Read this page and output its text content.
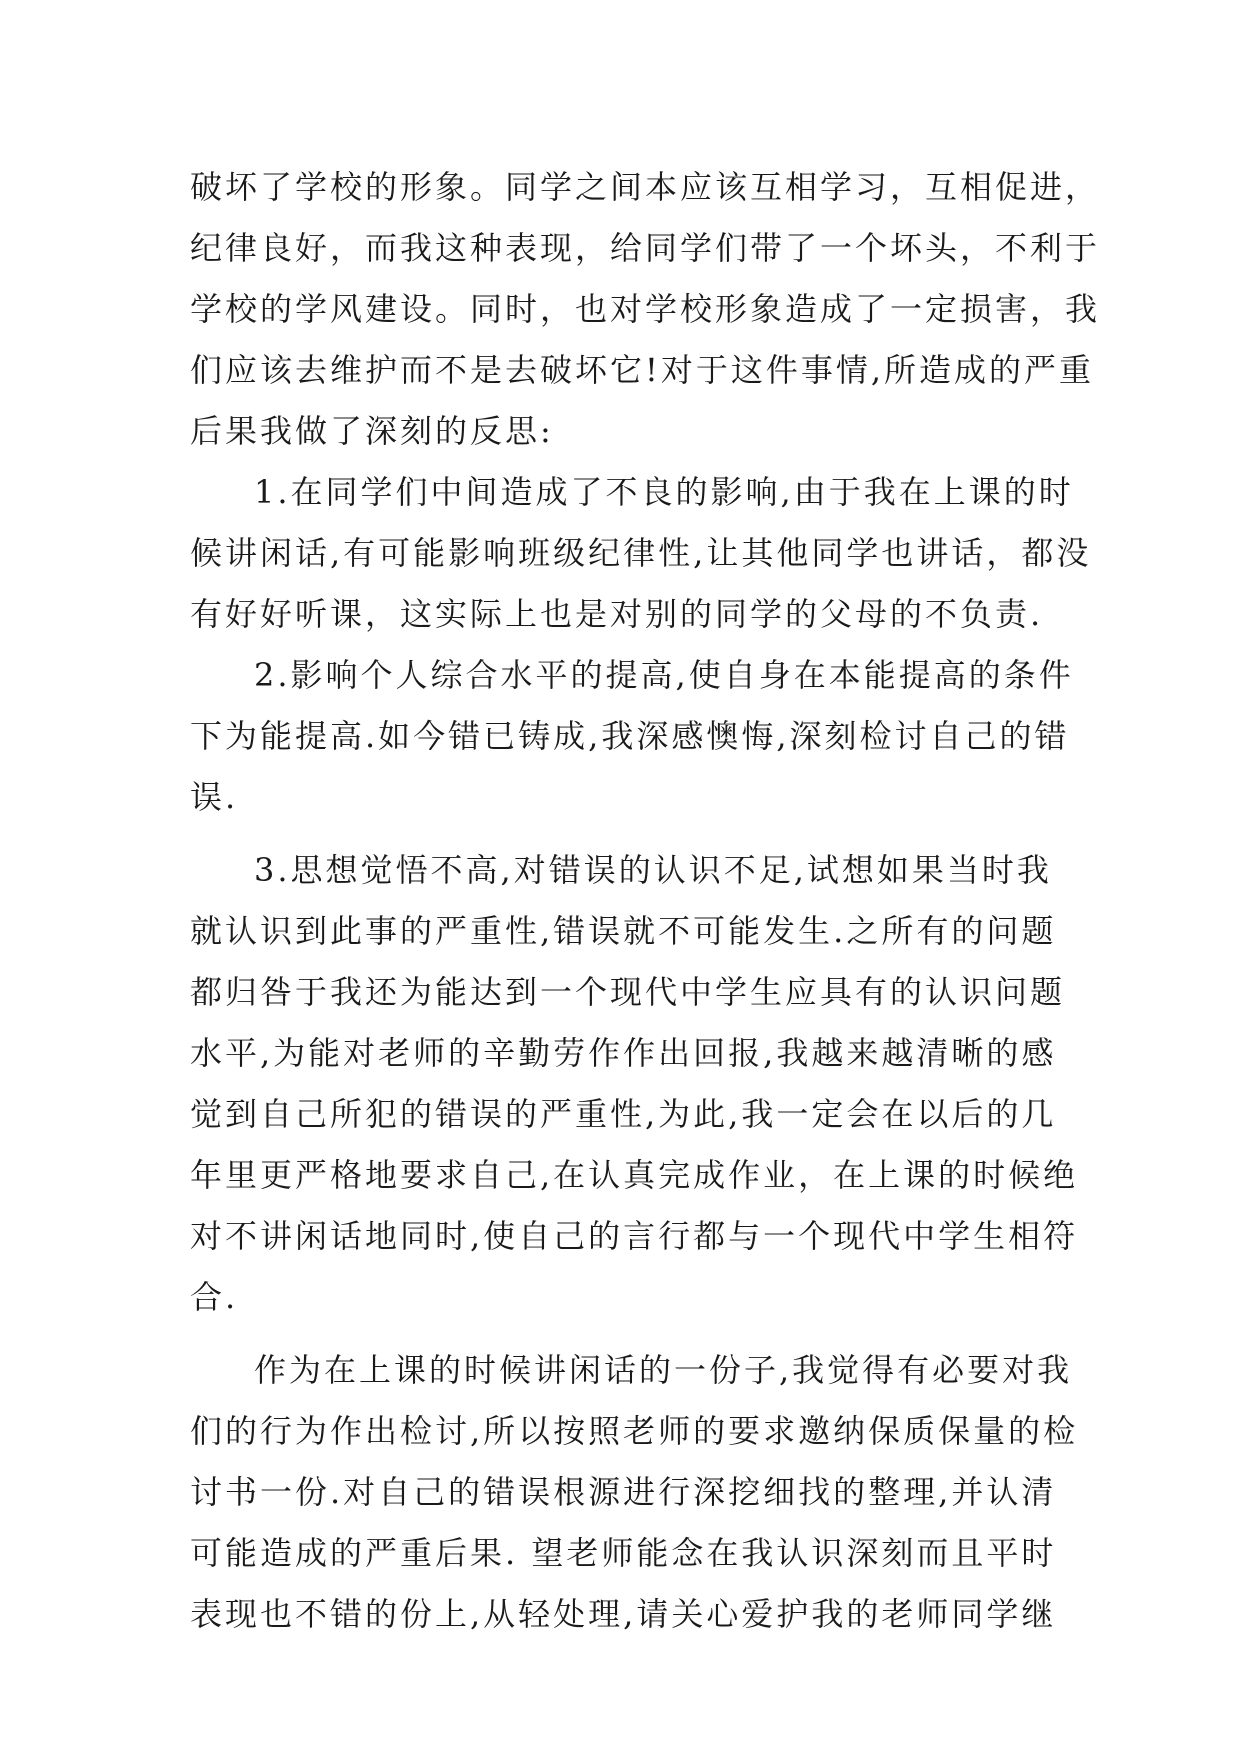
破坏了学校的形象。同学之间本应该互相学习，互相促进，
纪律良好，而我这种表现，给同学们带了一个坏头，不利于
学校的学风建设。同时，也对学校形象造成了一定损害，我
们应该去维护而不是去破坏它!对于这件事情,所造成的严重
后果我做了深刻的反思:
1.在同学们中间造成了不良的影响,由于我在上课的时
候讲闲话,有可能影响班级纪律性,让其他同学也讲话，都没
有好好听课，这实际上也是对别的同学的父母的不负责.
2.影响个人综合水平的提高,使自身在本能提高的条件
下为能提高.如今错已铸成,我深感懊悔,深刻检讨自己的错
误.
3.思想觉悟不高,对错误的认识不足,试想如果当时我
就认识到此事的严重性,错误就不可能发生.之所有的问题
都归咎于我还为能达到一个现代中学生应具有的认识问题
水平,为能对老师的辛勤劳作作出回报,我越来越清晰的感
觉到自己所犯的错误的严重性,为此,我一定会在以后的几
年里更严格地要求自己,在认真完成作业，在上课的时候绝
对不讲闲话地同时,使自己的言行都与一个现代中学生相符
合.
作为在上课的时候讲闲话的一份子,我觉得有必要对我
们的行为作出检讨,所以按照老师的要求邀纳保质保量的检
讨书一份.对自己的错误根源进行深挖细找的整理,并认清
可能造成的严重后果. 望老师能念在我认识深刻而且平时
表现也不错的份上,从轻处理,请关心爱护我的老师同学继
